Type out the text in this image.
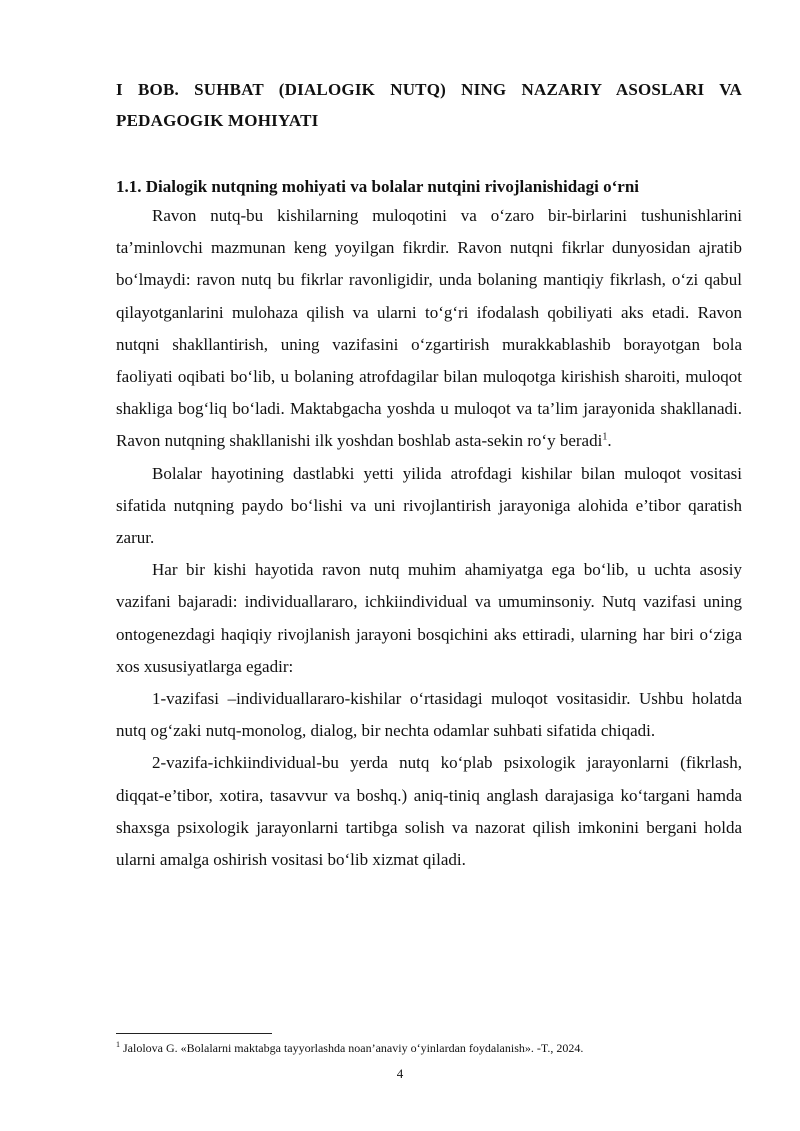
I BOB. SUHBAT (DIALOGIK NUTQ) NING NAZARIY ASOSLARI VA PEDAGOGIK MOHIYATI
1.1. Dialogik nutqning mohiyati va bolalar nutqini rivojlanishidagi o‘rni

Ravon nutq-bu kishilarning muloqotini va o‘zaro bir-birlarini tushunishlarini ta’minlovchi mazmunan keng yoyilgan fikrdir. Ravon nutqni fikrlar dunyosidan ajratib bo‘lmaydi: ravon nutq bu fikrlar ravonligidir, unda bolaning mantiqiy fikrlash, o‘zi qabul qilayotganlarini mulohaza qilish va ularni to‘g‘ri ifodalash qobiliyati aks etadi. Ravon nutqni shakllantirish, uning vazifasini o‘zgartirish murakkablashib borayotgan bola faoliyati oqibati bo‘lib, u bolaning atrofdagilar bilan muloqotga kirishish sharoiti, muloqot shakliga bog‘liq bo‘ladi. Maktabgacha yoshda u muloqot va ta’lim jarayonida shakllanadi. Ravon nutqning shakllanishi ilk yoshdan boshlab asta-sekin ro‘y beradi$^1$.

Bolalar hayotining dastlabki yetti yilida atrofdagi kishilar bilan muloqot vositasi sifatida nutqning paydo bo‘lishi va uni rivojlantirish jarayoniga alohida e’tibor qaratish zarur.

Har bir kishi hayotida ravon nutq muhim ahamiyatga ega bo‘lib, u uchta asosiy vazifani bajaradi: individuallararo, ichkiindividual va umuminsoniy. Nutq vazifasi uning ontogenezdagi haqiqiy rivojlanish jarayoni bosqichini aks ettiradi, ularning har biri o‘ziga xos xususiyatlarga egadir:

1-vazifasi –individuallararo-kishilar o‘rtasidagi muloqot vositasidir. Ushbu holatda nutq og‘zaki nutq-monolog, dialog, bir nechta odamlar suhbati sifatida chiqadi.

2-vazifa-ichkiindividual-bu yerda nutq ko‘plab psixologik jarayonlarni (fikrlash, diqqat-e’tibor, xotira, tasavvur va boshq.) aniq-tiniq anglash darajasiga ko‘targani hamda shaxsga psixologik jarayonlarni tartibga solish va nazorat qilish imkonini bergani holda ularni amalga oshirish vositasi bo‘lib xizmat qiladi.

$^1$ Jalolova G. «Bolalarni maktabga tayyorlashda noan’anaviy o‘yinlardan foydalanish». -T., 2024.
4
